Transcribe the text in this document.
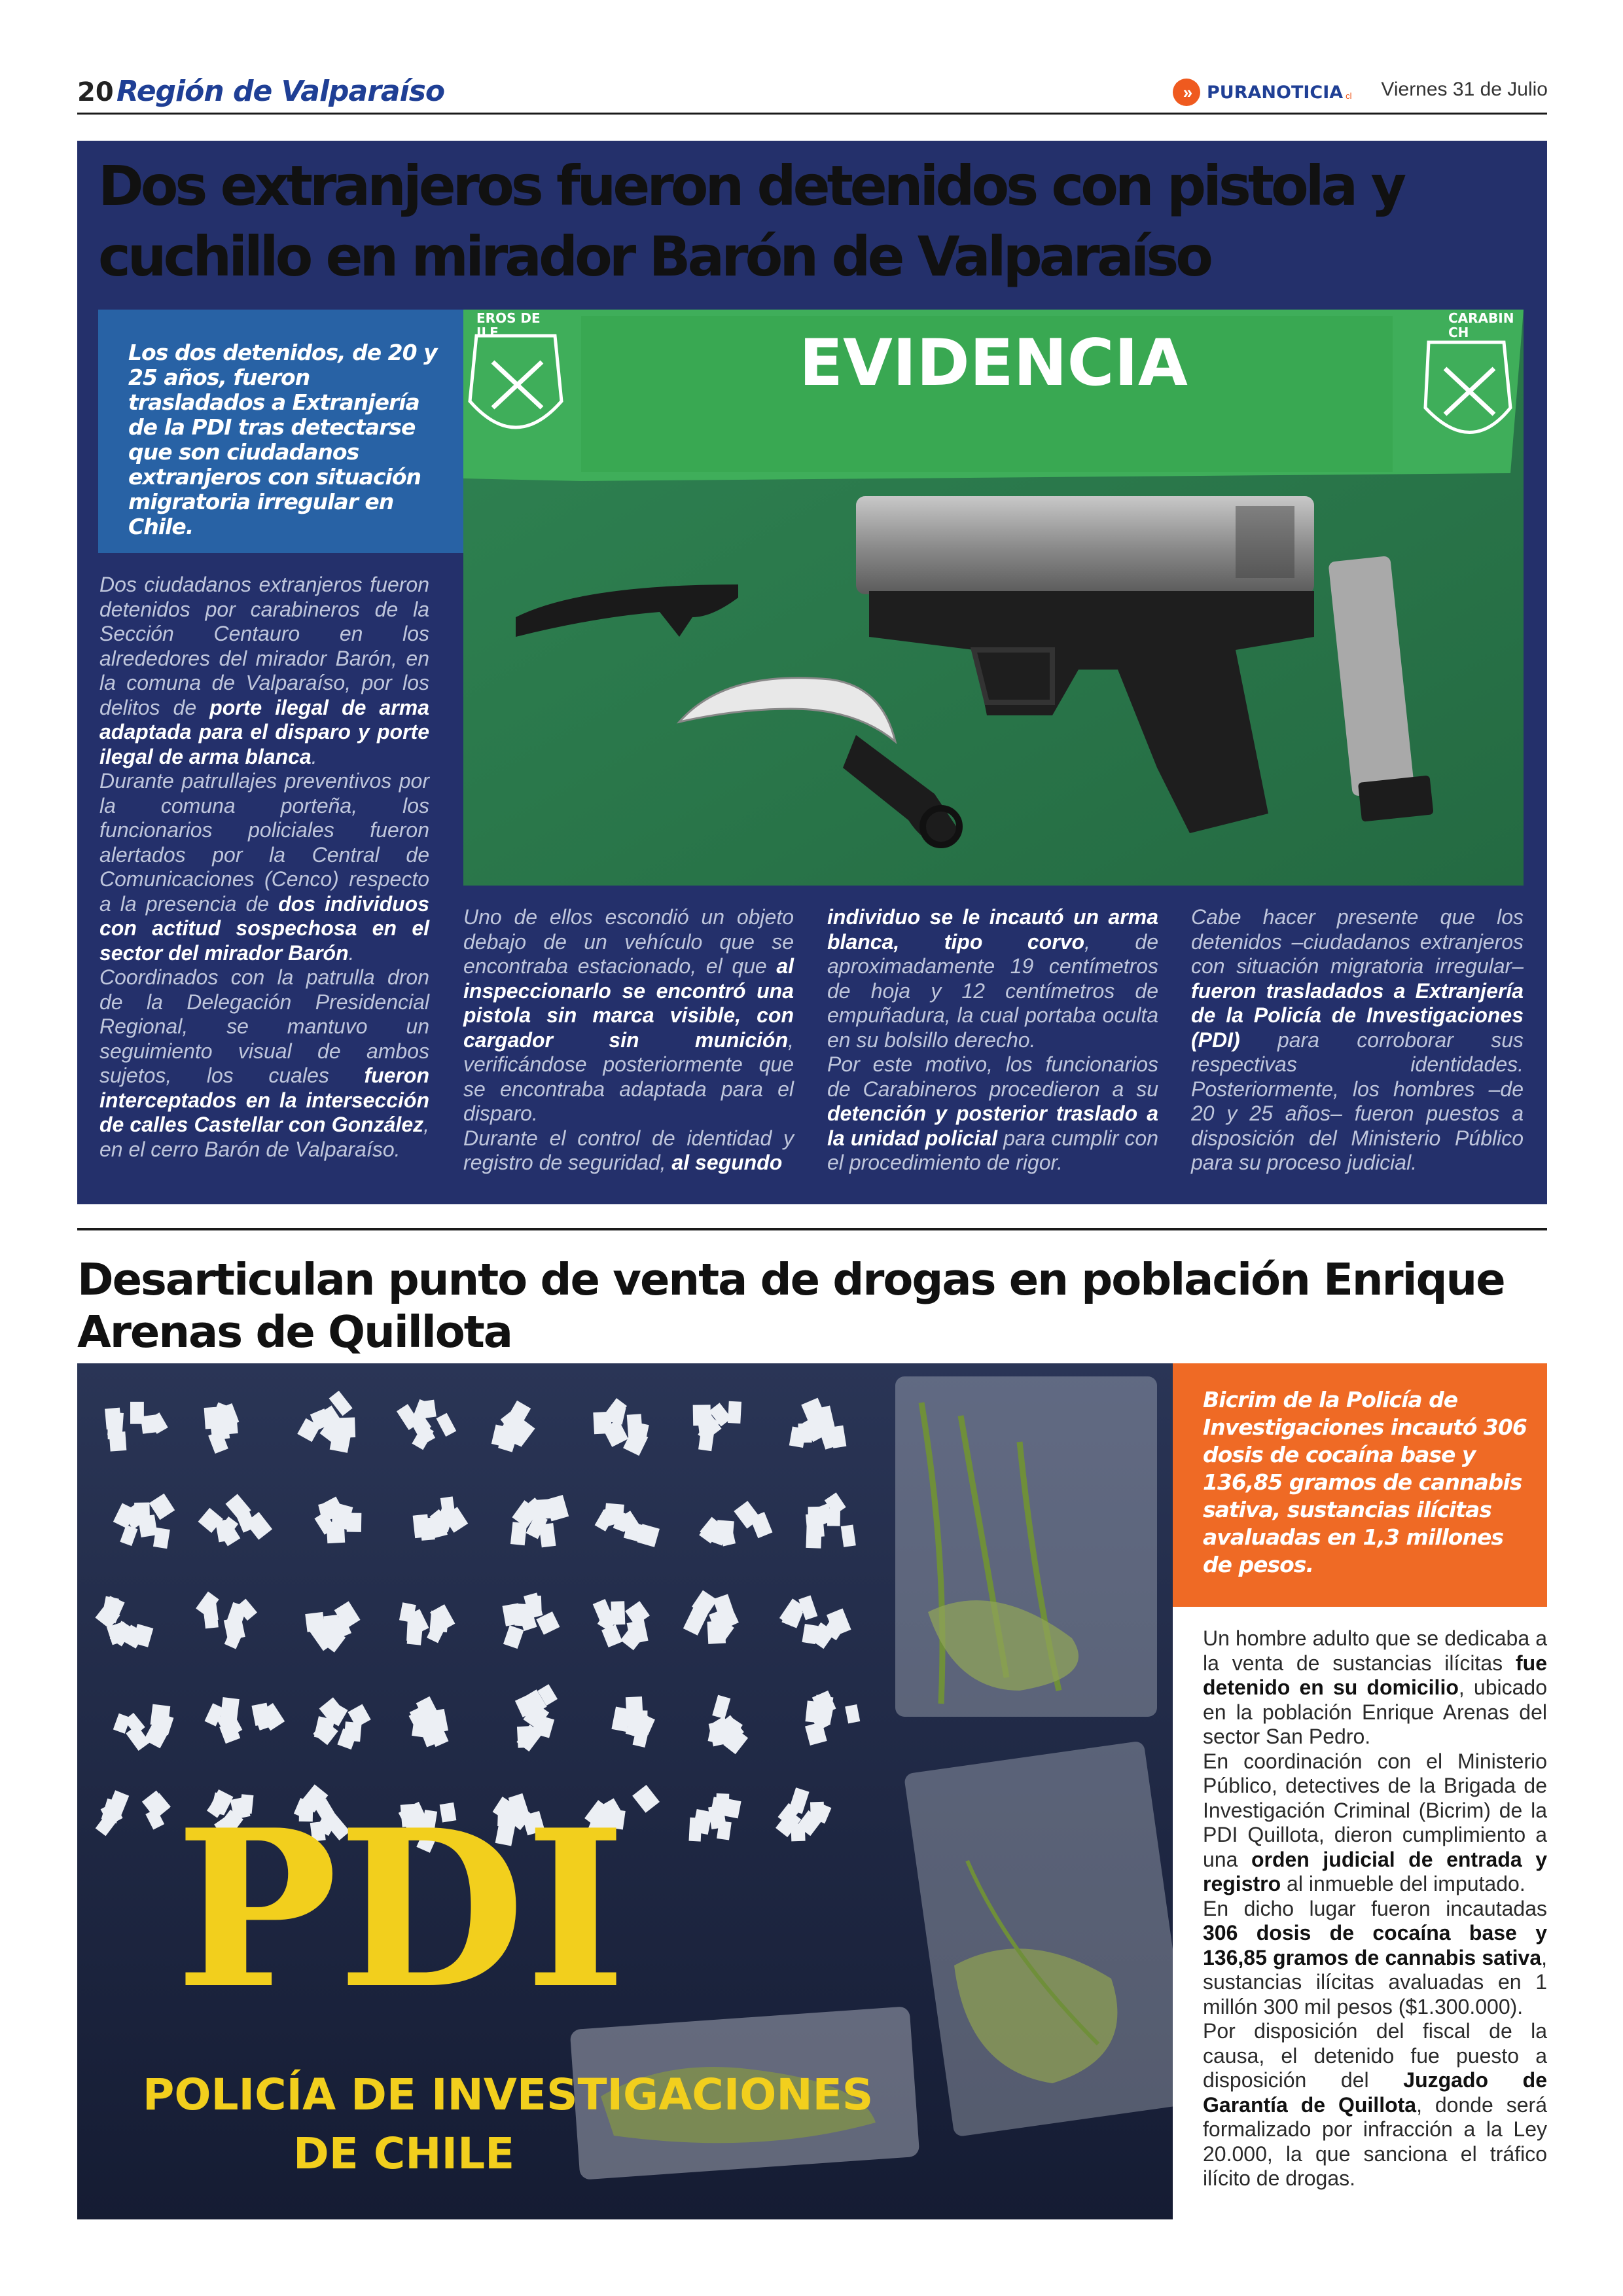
20 Región de Valparaíso	» PURANOTICIA cl Viernes 31 de Julio
Dos extranjeros fueron detenidos con pistola y cuchillo en mirador Barón de Valparaíso
Los dos detenidos, de 20 y 25 años, fueron trasladados a Extranjería de la PDI tras detectarse que son ciudadanos extranjeros con situación migratoria irregular en Chile.
EVIDENCIA
EROS DE ILE
CARABIN CH

Dos ciudadanos extranjeros fueron detenidos por carabineros de la Sección Centauro en los alrededores del mirador Barón, en la comuna de Valparaíso, por los delitos de porte ilegal de arma adaptada para el disparo y porte ilegal de arma blanca.

Durante patrullajes preventivos por la comuna porteña, los funcionarios policiales fueron alertados por la Central de Comunicaciones (Cenco) respecto a la presencia de dos individuos con actitud sospechosa en el sector del mirador Barón.

Coordinados con la patrulla dron de la Delegación Presidencial Regional, se mantuvo un seguimiento visual de ambos sujetos, los cuales fueron interceptados en la intersección de calles Castellar con González, en el cerro Barón de Valparaíso.

Uno de ellos escondió un objeto debajo de un vehículo que se encontraba estacionado, el que al inspeccionarlo se encontró una pistola sin marca visible, con cargador sin munición, verificándose posteriormente que se encontraba adaptada para el disparo.

Durante el control de identidad y registro de seguridad, al segundo

individuo se le incautó un arma blanca, tipo corvo, de aproximadamente 19 centímetros de hoja y 12 centímetros de empuñadura, la cual portaba oculta en su bolsillo derecho.

Por este motivo, los funcionarios de Carabineros procedieron a su detención y posterior traslado a la unidad policial para cumplir con el procedimiento de rigor.

Cabe hacer presente que los detenidos –ciudadanos extranjeros con situación migratoria irregular– fueron trasladados a Extranjería de la Policía de Investigaciones (PDI) para corroborar sus respectivas identidades. Posteriormente, los hombres –de 20 y 25 años– fueron puestos a disposición del Ministerio Público para su proceso judicial.

Desarticulan punto de venta de drogas en población Enrique Arenas de Quillota
PDI
POLICÍA DE INVESTIGACIONES
DE CHILE
Bicrim de la Policía de Investigaciones incautó 306 dosis de cocaína base y 136,85 gramos de cannabis sativa, sustancias ilícitas avaluadas en 1,3 millones de pesos.

Un hombre adulto que se dedicaba a la venta de sustancias ilícitas fue detenido en su domicilio, ubicado en la población Enrique Arenas del sector San Pedro.

En coordinación con el Ministerio Público, detectives de la Brigada de Investigación Criminal (Bicrim) de la PDI Quillota, dieron cumplimiento a una orden judicial de entrada y registro al inmueble del imputado.

En dicho lugar fueron incautadas 306 dosis de cocaína base y 136,85 gramos de cannabis sativa, sustancias ilícitas avaluadas en 1 millón 300 mil pesos ($1.300.000).

Por disposición del fiscal de la causa, el detenido fue puesto a disposición del Juzgado de Garantía de Quillota, donde será formalizado por infracción a la Ley 20.000, la que sanciona el tráfico ilícito de drogas.
